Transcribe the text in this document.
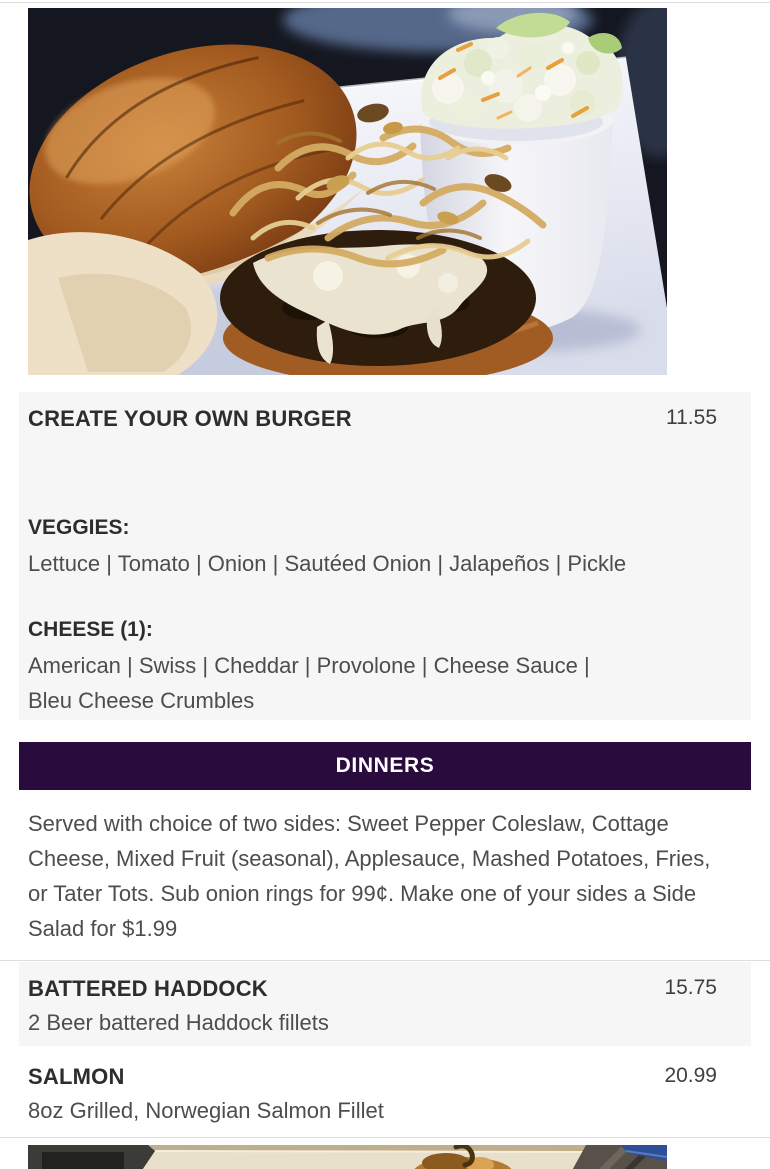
CREATE YOUR OWN BURGER	11.55
VEGGIES:
Lettuce | Tomato | Onion | Sautéed Onion | Jalapeños | Pickle
CHEESE (1):
American | Swiss | Cheddar | Provolone | Cheese Sauce |
Bleu Cheese Crumbles
DINNERS

Served with choice of two sides: Sweet Pepper Coleslaw, Cottage Cheese, Mixed Fruit (seasonal), Applesauce, Mashed Potatoes, Fries, or Tater Tots. Sub onion rings for 99¢. Make one of your sides a Side Salad for $1.99

BATTERED HADDOCK	15.75
2 Beer battered Haddock fillets
SALMON	20.99
8oz Grilled, Norwegian Salmon Fillet
